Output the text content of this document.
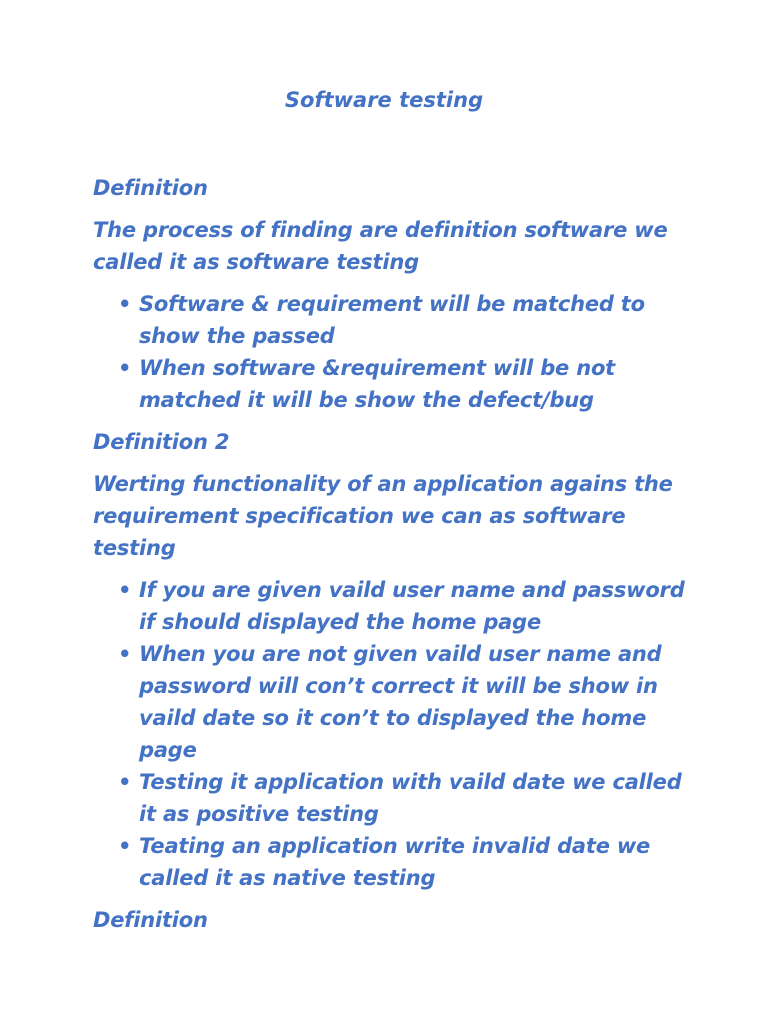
Software testing

Definition

The process of finding are definition software we called it as software testing

• Software & requirement will be matched to show the passed
• When software &requirement will be not matched it will be show the defect/bug

Definition 2

Werting functionality of an application agains the requirement specification we can as software testing

• If you are given vaild user name and password if should displayed the home page
• When you are not given vaild user name and password will con’t correct it will be show in vaild date so it con’t to displayed the home page
• Testing it application with vaild date we called it as positive testing
• Teating an application write invalid date we called it as native testing

Definition
